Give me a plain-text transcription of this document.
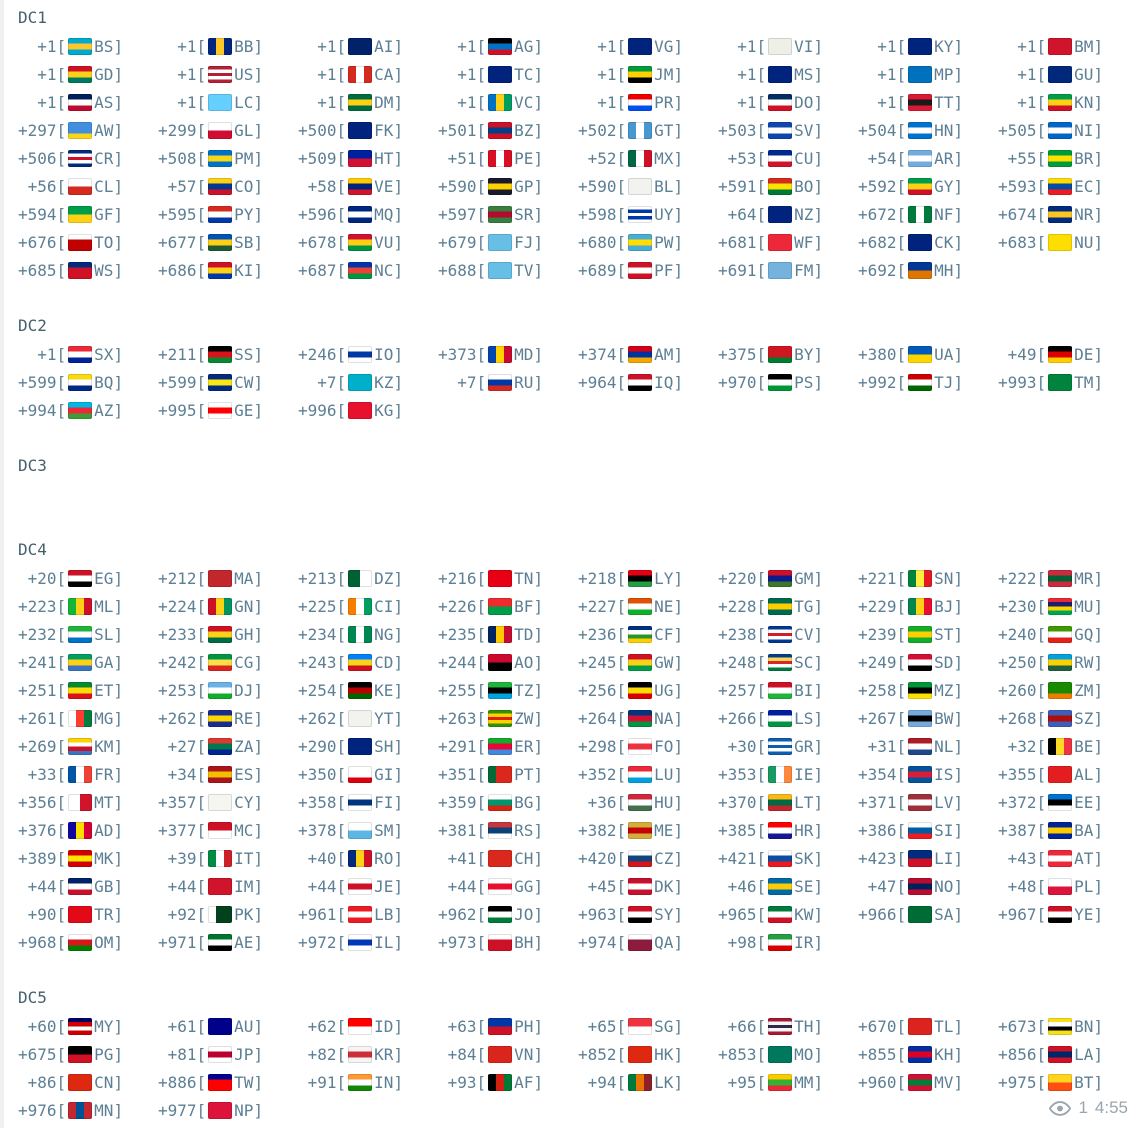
DC1
+1 [ BS]	+1 [ BB]	+1 [ AI]	+1 [ AG]	+1 [ VG]	+1 [ VI]	+1 [ KY]	+1 [ BM]
+1 [ GD]	+1 [ US]	+1 [ CA]	+1 [ TC]	+1 [ JM]	+1 [ MS]	+1 [ MP]	+1 [ GU]
+1 [ AS]	+1 [ LC]	+1 [ DM]	+1 [ VC]	+1 [ PR]	+1 [ DO]	+1 [ TT]	+1 [ KN]
+297 [ AW] +299 [ GL] +500 [ FK] +501 [ BZ] +502 [ GT] +503 [ SV] +504 [ HN] +505 [ NI]
+506 [ CR] +508 [ PM] +509 [ HT]	+51 [ PE]	+52 [ MX]	+53 [ CU]	+54 [ AR]	+55 [ BR]
+56 [ CL]	+57 [ CO]	+58 [ VE] +590 [ GP] +590 [ BL] +591 [ BO] +592 [ GY] +593 [ EC]
+594 [ GF] +595 [ PY] +596 [ MQ] +597 [ SR] +598 [ UY]	+64 [ NZ] +672 [ NF] +674 [ NR]
+676 [ TO] +677 [ SB] +678 [ VU] +679 [ FJ] +680 [ PW] +681 [ WF] +682 [ CK] +683 [ NU]
+685 [ WS] +686 [ KI] +687 [ NC] +688 [ TV] +689 [ PF] +691 [ FM] +692 [ MH]
DC2
+1 [ SX] +211 [ SS] +246 [ IO] +373 [ MD] +374 [ AM] +375 [ BY] +380 [ UA]	+49 [ DE]
+599 [ BQ] +599 [ CW]	+7 [ KZ]	+7 [ RU] +964 [ IQ] +970 [ PS] +992 [ TJ] +993 [ TM]
+994 [ AZ] +995 [ GE] +996 [ KG]
DC3
DC4
+20 [ EG] +212 [ MA] +213 [ DZ] +216 [ TN] +218 [ LY] +220 [ GM] +221 [ SN] +222 [ MR]
+223 [ ML] +224 [ GN] +225 [ CI] +226 [ BF] +227 [ NE] +228 [ TG] +229 [ BJ] +230 [ MU]
+232 [ SL] +233 [ GH] +234 [ NG] +235 [ TD] +236 [ CF] +238 [ CV] +239 [ ST] +240 [ GQ]
+241 [ GA] +242 [ CG] +243 [ CD] +244 [ AO] +245 [ GW] +248 [ SC] +249 [ SD] +250 [ RW]
+251 [ ET] +253 [ DJ] +254 [ KE] +255 [ TZ] +256 [ UG] +257 [ BI] +258 [ MZ] +260 [ ZM]
+261 [ MG] +262 [ RE] +262 [ YT] +263 [ ZW] +264 [ NA] +266 [ LS] +267 [ BW] +268 [ SZ]
+269 [ KM]	+27 [ ZA] +290 [ SH] +291 [ ER] +298 [ FO]	+30 [ GR]	+31 [ NL]	+32 [ BE]
+33 [ FR]	+34 [ ES] +350 [ GI] +351 [ PT] +352 [ LU] +353 [ IE] +354 [ IS] +355 [ AL]
+356 [ MT] +357 [ CY] +358 [ FI] +359 [ BG]	+36 [ HU] +370 [ LT] +371 [ LV] +372 [ EE]
+376 [ AD] +377 [ MC] +378 [ SM] +381 [ RS] +382 [ ME] +385 [ HR] +386 [ SI] +387 [ BA]
+389 [ MK]	+39 [ IT]	+40 [ RO]	+41 [ CH] +420 [ CZ] +421 [ SK] +423 [ LI]	+43 [ AT]
+44 [ GB]	+44 [ IM]	+44 [ JE]	+44 [ GG]	+45 [ DK]	+46 [ SE]	+47 [ NO]	+48 [ PL]
+90 [ TR]	+92 [ PK] +961 [ LB] +962 [ JO] +963 [ SY] +965 [ KW] +966 [ SA] +967 [ YE]
+968 [ OM] +971 [ AE] +972 [ IL] +973 [ BH] +974 [ QA]	+98 [ IR]
DC5
+60 [ MY]	+61 [ AU]	+62 [ ID]	+63 [ PH]	+65 [ SG]	+66 [ TH] +670 [ TL] +673 [ BN]
+675 [ PG]	+81 [ JP]	+82 [ KR]	+84 [ VN] +852 [ HK] +853 [ MO] +855 [ KH] +856 [ LA]
+86 [ CN] +886 [ TW]	+91 [ IN]	+93 [ AF]	+94 [ LK]	+95 [ MM] +960 [ MV] +975 [ BT]
+976 [ MN] +977 [ NP]	1 4:55
